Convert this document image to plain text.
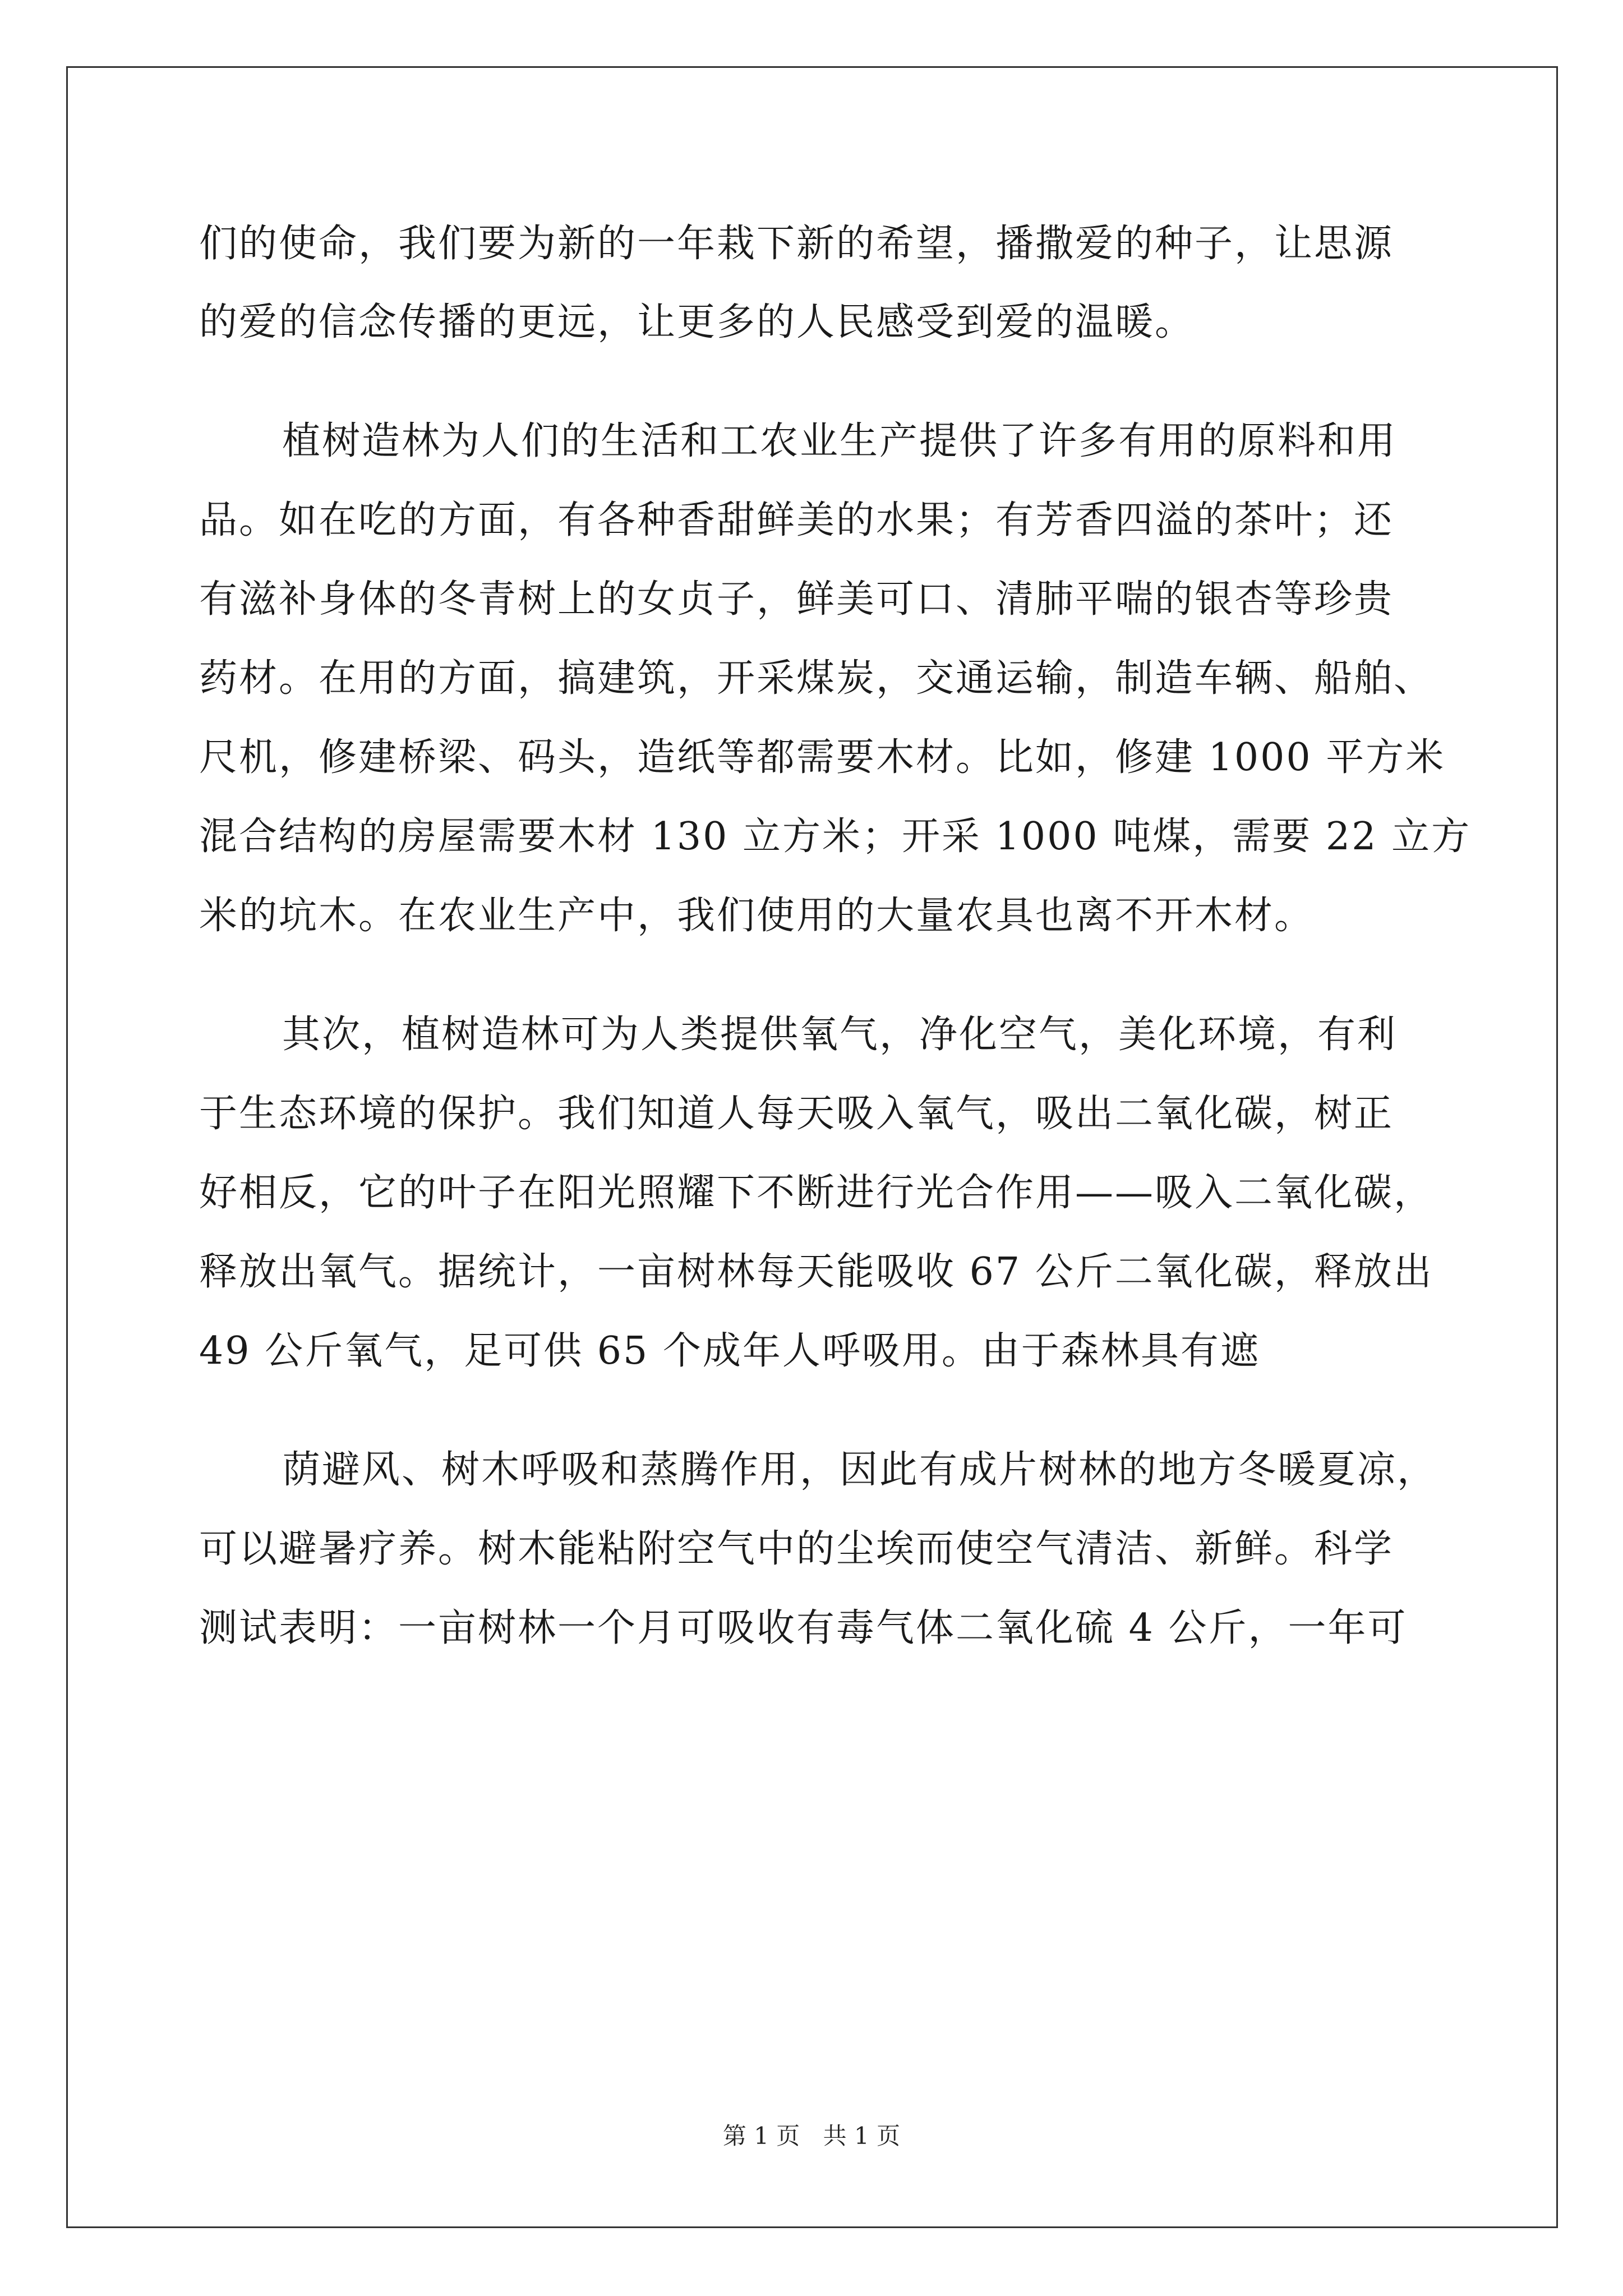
们的使命，我们要为新的一年栽下新的希望，播撒爱的种子，让思源
的爱的信念传播的更远，让更多的人民感受到爱的温暖。
植树造林为人们的生活和工农业生产提供了许多有用的原料和用
品。如在吃的方面，有各种香甜鲜美的水果；有芳香四溢的茶叶；还
有滋补身体的冬青树上的女贞子，鲜美可口、清肺平喘的银杏等珍贵
药材。在用的方面，搞建筑，开采煤炭，交通运输，制造车辆、船舶、
尺机，修建桥梁、码头，造纸等都需要木材。比如，修建 1000 平方米
混合结构的房屋需要木材 130 立方米；开采 1000 吨煤，需要 22 立方
米的坑木。在农业生产中，我们使用的大量农具也离不开木材。
其次，植树造林可为人类提供氧气，净化空气，美化环境，有利
于生态环境的保护。我们知道人每天吸入氧气，吸出二氧化碳，树正
好相反，它的叶子在阳光照耀下不断进行光合作用——吸入二氧化碳，
释放出氧气。据统计，一亩树林每天能吸收 67 公斤二氧化碳，释放出
49 公斤氧气，足可供 65 个成年人呼吸用。由于森林具有遮
荫避风、树木呼吸和蒸腾作用，因此有成片树林的地方冬暖夏凉，
可以避暑疗养。树木能粘附空气中的尘埃而使空气清洁、新鲜。科学
测试表明：一亩树林一个月可吸收有毒气体二氧化硫 4 公斤，一年可
第 1 页 共 1 页
